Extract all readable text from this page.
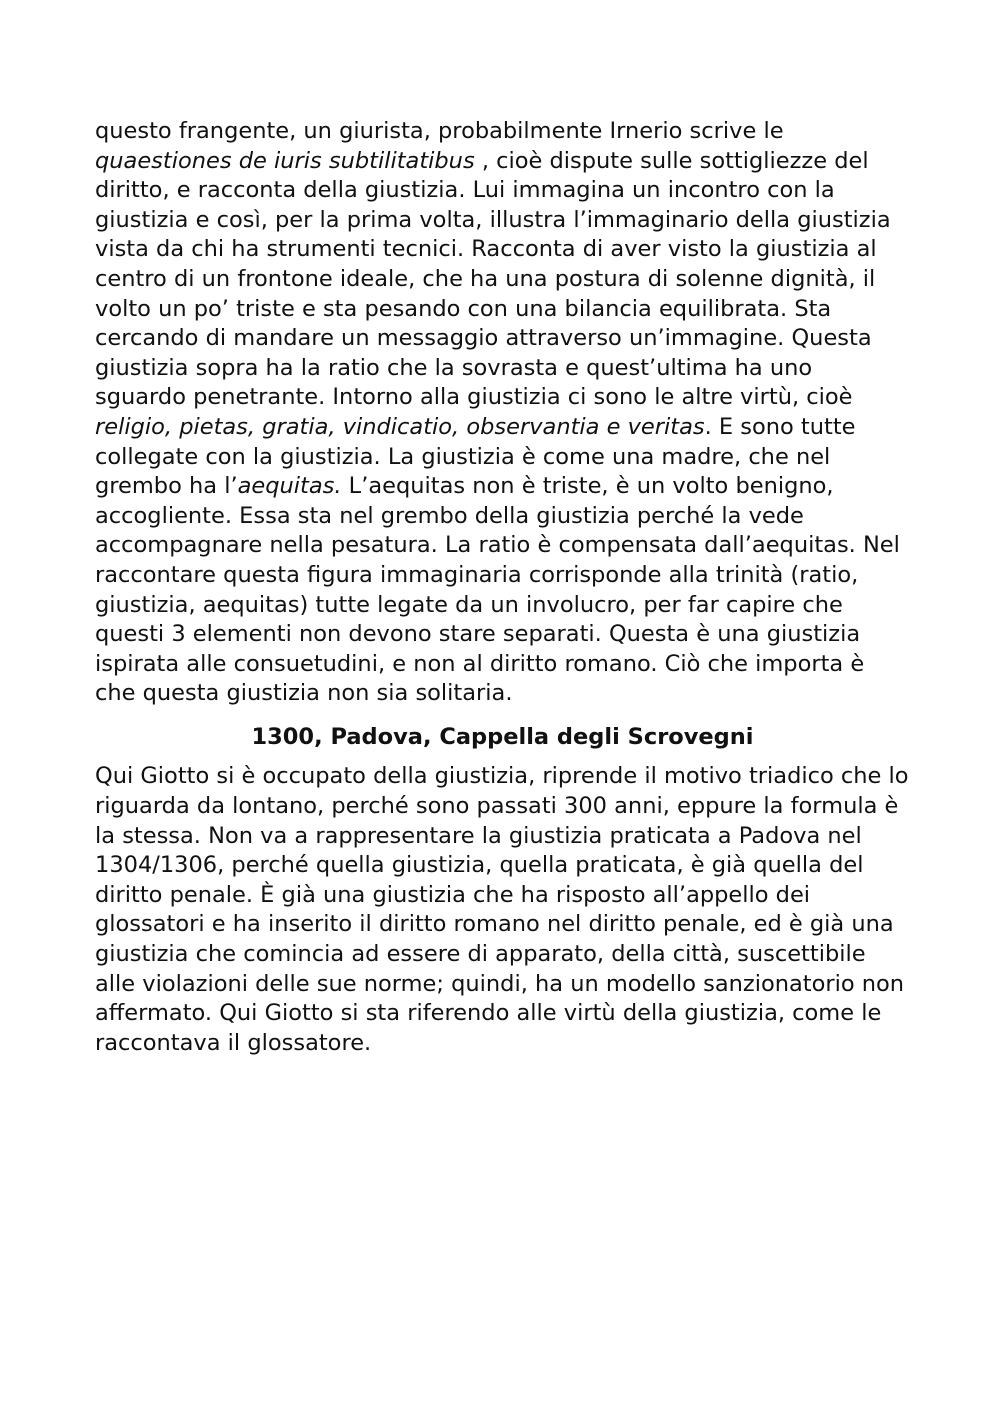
questo frangente, un giurista, probabilmente Irnerio scrive le
quaestiones de iuris subtilitatibus , cioè dispute sulle sottigliezze del diritto, e racconta della giustizia. Lui immagina un incontro con la giustizia e così, per la prima volta, illustra l’immaginario della giustizia vista da chi ha strumenti tecnici. Racconta di aver visto la giustizia al centro di un frontone ideale, che ha una postura di solenne dignità, il volto un po’ triste e sta pesando con una bilancia equilibrata. Sta cercando di mandare un messaggio attraverso un’immagine. Questa giustizia sopra ha la ratio che la sovrasta e quest’ultima ha uno sguardo penetrante. Intorno alla giustizia ci sono le altre virtù, cioè religio, pietas, gratia, vindicatio, observantia e veritas. E sono tutte collegate con la giustizia. La giustizia è come una madre, che nel grembo ha l’aequitas. L’aequitas non è triste, è un volto benigno, accogliente. Essa sta nel grembo della giustizia perché la vede accompagnare nella pesatura. La ratio è compensata dall’aequitas. Nel raccontare questa figura immaginaria corrisponde alla trinità (ratio, giustizia, aequitas) tutte legate da un involucro, per far capire che questi 3 elementi non devono stare separati. Questa è una giustizia ispirata alle consuetudini, e non al diritto romano. Ciò che importa è che questa giustizia non sia solitaria.

1300, Padova, Cappella degli Scrovegni

Qui Giotto si è occupato della giustizia, riprende il motivo triadico che lo riguarda da lontano, perché sono passati 300 anni, eppure la formula è la stessa. Non va a rappresentare la giustizia praticata a Padova nel 1304/1306, perché quella giustizia, quella praticata, è già quella del diritto penale. È già una giustizia che ha risposto all’appello dei glossatori e ha inserito il diritto romano nel diritto penale, ed è già una giustizia che comincia ad essere di apparato, della città, suscettibile alle violazioni delle sue norme; quindi, ha un modello sanzionatorio non affermato. Qui Giotto si sta riferendo alle virtù della giustizia, come le raccontava il glossatore.
